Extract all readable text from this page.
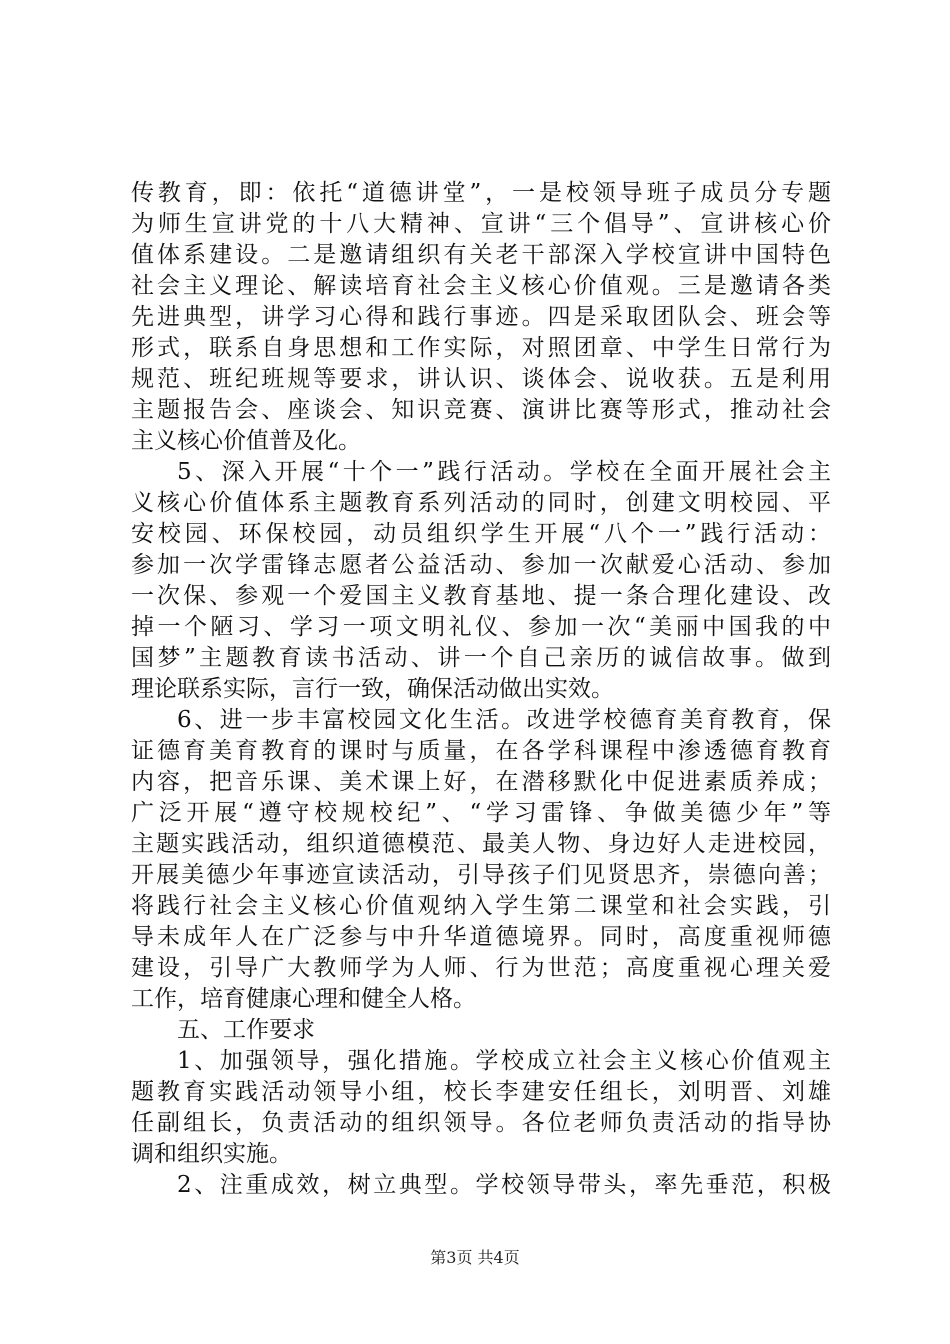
传教育，即：依托“道德讲堂”，一是校领导班子成员分专题
为师生宣讲党的十八大精神、宣讲“三个倡导”、宣讲核心价
值体系建设。二是邀请组织有关老干部深入学校宣讲中国特色
社会主义理论、解读培育社会主义核心价值观。三是邀请各类
先进典型，讲学习心得和践行事迹。四是采取团队会、班会等
形式，联系自身思想和工作实际，对照团章、中学生日常行为
规范、班纪班规等要求，讲认识、谈体会、说收获。五是利用
主题报告会、座谈会、知识竞赛、演讲比赛等形式，推动社会
主义核心价值普及化。
5、深入开展“十个一”践行活动。学校在全面开展社会主
义核心价值体系主题教育系列活动的同时，创建文明校园、平
安校园、环保校园，动员组织学生开展“八个一”践行活动：
参加一次学雷锋志愿者公益活动、参加一次献爱心活动、参加
一次保、参观一个爱国主义教育基地、提一条合理化建设、改
掉一个陋习、学习一项文明礼仪、参加一次“美丽中国我的中
国梦”主题教育读书活动、讲一个自己亲历的诚信故事。做到
理论联系实际，言行一致，确保活动做出实效。
6、进一步丰富校园文化生活。改进学校德育美育教育，保
证德育美育教育的课时与质量，在各学科课程中渗透德育教育
内容，把音乐课、美术课上好，在潜移默化中促进素质养成；
广泛开展“遵守校规校纪”、“学习雷锋、争做美德少年”等
主题实践活动，组织道德模范、最美人物、身边好人走进校园，
开展美德少年事迹宣读活动，引导孩子们见贤思齐，崇德向善；
将践行社会主义核心价值观纳入学生第二课堂和社会实践，引
导未成年人在广泛参与中升华道德境界。同时，高度重视师德
建设，引导广大教师学为人师、行为世范；高度重视心理关爱
工作，培育健康心理和健全人格。
五、工作要求
1、加强领导，强化措施。学校成立社会主义核心价值观主
题教育实践活动领导小组，校长李建安任组长，刘明晋、刘雄
任副组长，负责活动的组织领导。各位老师负责活动的指导协
调和组织实施。
2、注重成效，树立典型。学校领导带头，率先垂范，积极
第3页 共4页
